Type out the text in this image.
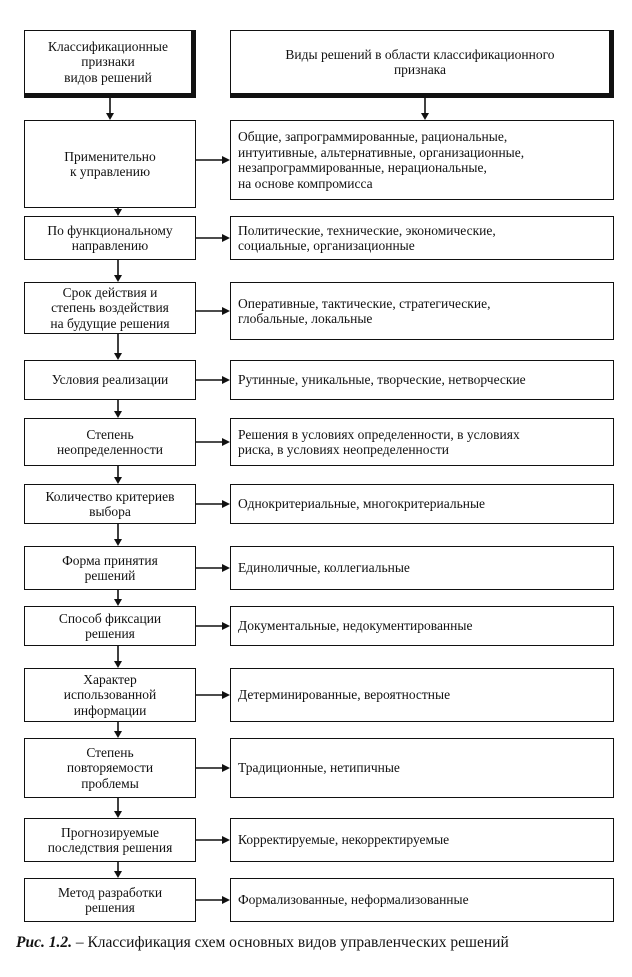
Классификационные
признаки
видов решений
Виды решений в области классификационного
признака
Применительно
к управлению
Общие, запрограммированные, рациональные,
интуитивные, альтернативные, организационные,
незапрограммированные, нерациональные,
на основе компромисса
По функциональному
направлению
Политические, технические, экономические,
социальные, организационные
Срок действия и
степень воздействия
на будущие решения
Оперативные, тактические, стратегические,
глобальные, локальные
Условия реализации	Рутинные, уникальные, творческие, нетворческие
Степень
неопределенности
Решения в условиях определенности, в условиях
риска, в условиях неопределенности
Количество критериев
выбора
Однокритериальные, многокритериальные
Форма принятия
решений
Единоличные, коллегиальные
Способ фиксации
решения
Документальные, недокументированные
Характер
использованной
информации
Детерминированные, вероятностные
Степень
повторяемости
проблемы
Традиционные, нетипичные
Прогнозируемые
последствия решения
Корректируемые, некорректируемые
Метод разработки
решения
Формализованные, неформализованные
Рис. 1.2. – Классификация схем основных видов управленческих решений
